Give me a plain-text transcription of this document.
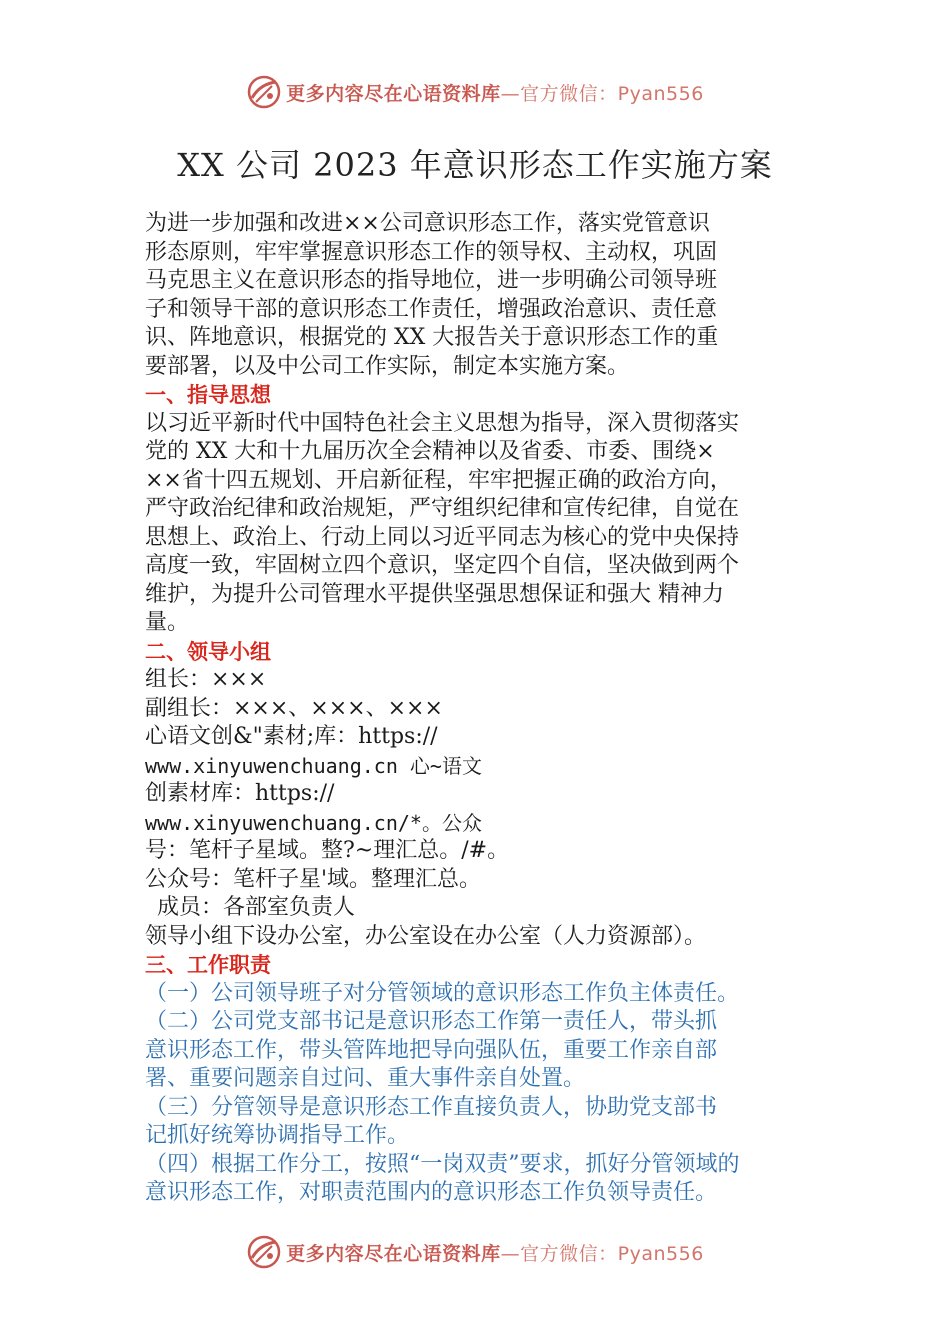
更多内容尽在心语资料库 —官方微信：Pyan556
XX 公司 2023 年意识形态工作实施方案

为进一步加强和改进××公司意识形态工作，落实党管意识

形态原则，牢牢掌握意识形态工作的领导权、主动权，巩固

马克思主义在意识形态的指导地位，进一步明确公司领导班

子和领导干部的意识形态工作责任，增强政治意识、责任意

识、阵地意识，根据党的 XX 大报告关于意识形态工作的重

要部署，以及中公司工作实际，制定本实施方案。

一、指导思想

以习近平新时代中国特色社会主义思想为指导，深入贯彻落实

党的 XX 大和十九届历次全会精神以及省委、市委、围绕×

××省十四五规划、开启新征程，牢牢把握正确的政治方向，

严守政治纪律和政治规矩，严守组织纪律和宣传纪律，自觉在

思想上、政治上、行动上同以习近平同志为核心的党中央保持

高度一致，牢固树立四个意识，坚定四个自信，坚决做到两个

维护，为提升公司管理水平提供坚强思想保证和强大 精神力

量。

二、领导小组

组长：×××

副组长：×××、×××、×××

心语文创&"素材;库：https://

www.xinyuwenchuang.cn 心~语文

创素材库：https://

www.xinyuwenchuang.cn/*。公众

号：笔杆子星域。整?~理汇总。/#。

公众号：笔杆子星'域。整理汇总。

成员：各部室负责人

领导小组下设办公室，办公室设在办公室（人力资源部）。

三、工作职责

（一）公司领导班子对分管领域的意识形态工作负主体责任。

（二）公司党支部书记是意识形态工作第一责任人，带头抓

意识形态工作，带头管阵地把导向强队伍，重要工作亲自部

署、重要问题亲自过问、重大事件亲自处置。

（三）分管领导是意识形态工作直接负责人，协助党支部书

记抓好统筹协调指导工作。

（四）根据工作分工，按照“一岗双责”要求，抓好分管领域的

意识形态工作，对职责范围内的意识形态工作负领导责任。

更多内容尽在心语资料库 —官方微信：Pyan556
